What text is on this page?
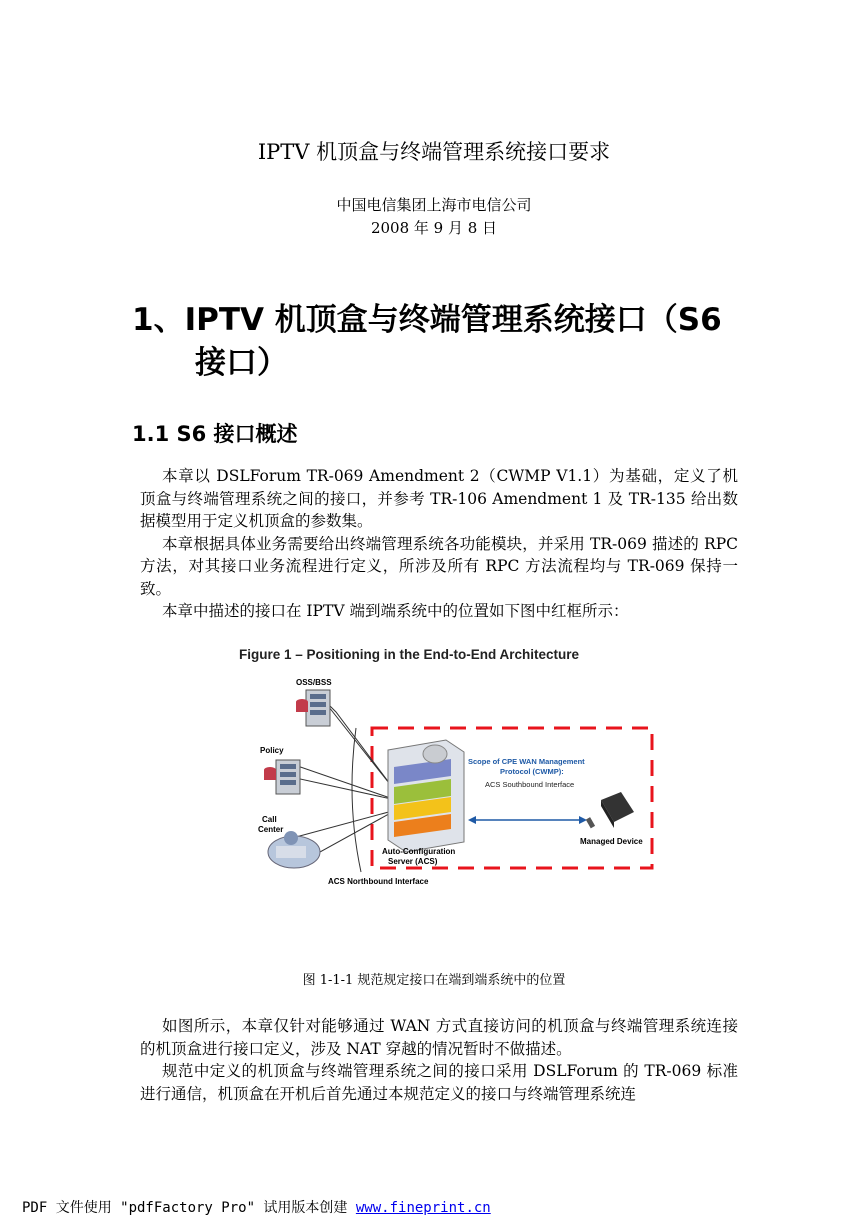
IPTV 机顶盒与终端管理系统接口要求
中国电信集团上海市电信公司
2008 年 9 月 8 日
1、IPTV 机顶盒与终端管理系统接口（S6
接口）
1.1 S6 接口概述

本章以 DSLForum TR-069 Amendment 2（CWMP V1.1）为基础，定义了机顶盒与终端管理系统之间的接口，并参考 TR-106 Amendment 1 及 TR-135 给出数据模型用于定义机顶盒的参数集。

本章根据具体业务需要给出终端管理系统各功能模块，并采用 TR-069 描述的 RPC 方法，对其接口业务流程进行定义，所涉及所有 RPC 方法流程均与 TR-069 保持一致。

本章中描述的接口在 IPTV 端到端系统中的位置如下图中红框所示：

Figure 1 – Positioning in the End-to-End Architecture
OSS/BSS
Policy
Call
Center
Auto-Configuration
Server (ACS)
ACS Northbound Interface
Scope of CPE WAN Management
Protocol (CWMP):
ACS Southbound Interface
Managed Device
图 1-1-1 规范规定接口在端到端系统中的位置

如图所示，本章仅针对能够通过 WAN 方式直接访问的机顶盒与终端管理系统连接的机顶盒进行接口定义，涉及 NAT 穿越的情况暂时不做描述。

规范中定义的机顶盒与终端管理系统之间的接口采用 DSLForum 的 TR-069 标准进行通信，机顶盒在开机后首先通过本规范定义的接口与终端管理系统连

PDF 文件使用 "pdfFactory Pro" 试用版本创建 www.fineprint.cn
